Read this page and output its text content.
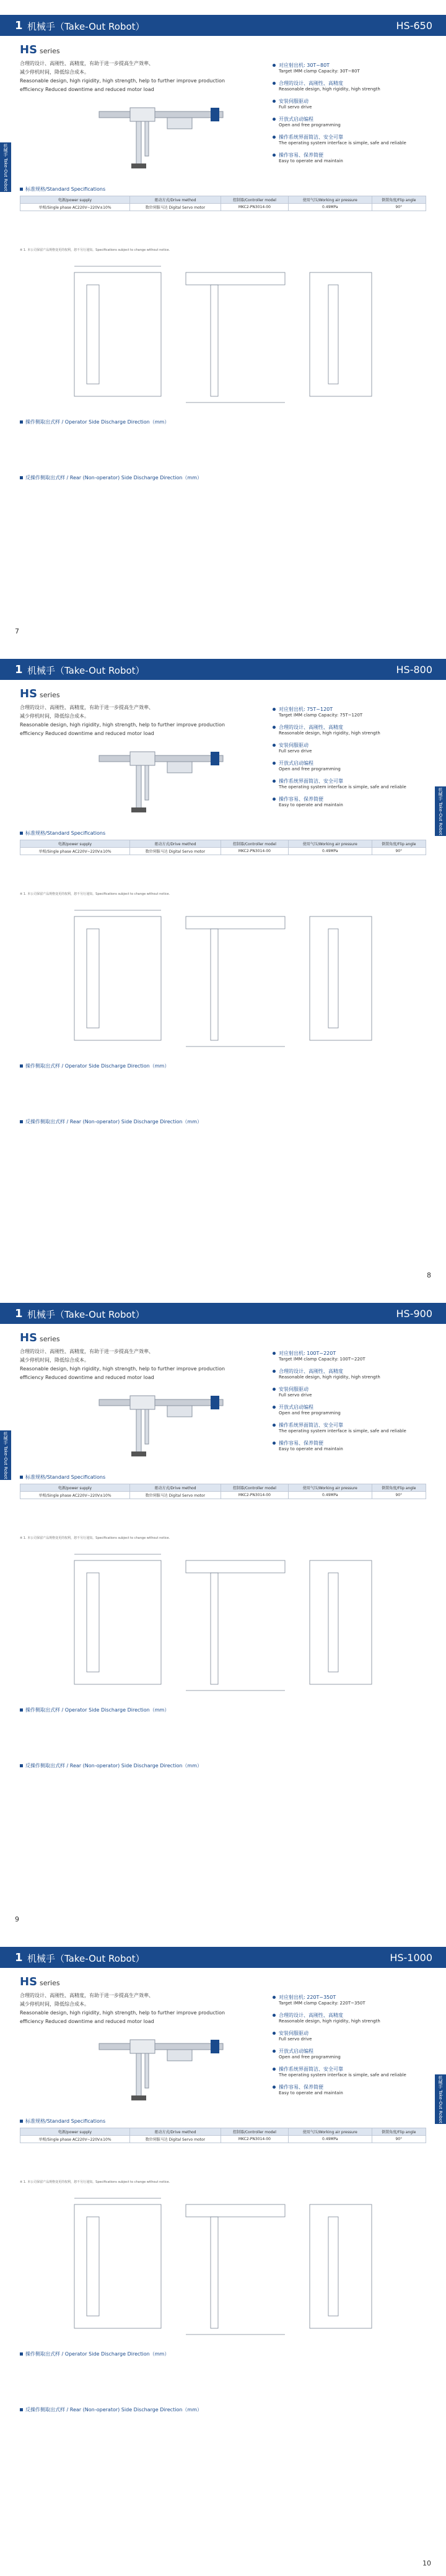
1 机械手（Take-Out Robot）	HS-650
HS series
合理的设计、高刚性、高精度，有助于进一步提高生产效率、
减少停机时间，降低综合成本。
Reasonable design, high rigidity, high strength, help to further improve production efficiency Reduced downtime and reduced motor load
机械手 Take-Out Robot
对应射出机: 30T~80T
Target IMM clamp Capacity: 30T~80T
合理的设计、高刚性、高精度
Reasonable design, high rigidity, high strength
安装伺服驱动
Full servo drive
开放式启动编程
Open and free programming
操作系统界面简洁、安全可靠
The operating system interface is simple, safe and reliable
操作容易、保养简便
Easy to operate and maintain
标准规格/Standard Specifications
电源/power supply	驱动方式/Drive method	控制器/Controller model	使用气压/Working air pressure	倒置角度/Flip angle
单相/Single phase AC220V~220V±10%	数位伺服马达 Digital Servo motor	MKC2-PN3014-00	0.49MPa	90°
※ 1. 本公司保留产品规格变更的权利，恕不另行通知。Specifications subject to change without notice.
操作侧取出式样 / Operator Side Discharge Direction（mm）
反操作侧取出式样 / Rear (Non-operator) Side Discharge Direction（mm）
7
1 机械手（Take-Out Robot）	HS-800
HS series
合理的设计、高刚性、高精度，有助于进一步提高生产效率、
减少停机时间，降低综合成本。
Reasonable design, high rigidity, high strength, help to further improve production efficiency Reduced downtime and reduced motor load
机械手 Take-Out Robot
对应射出机: 75T~120T
Target IMM clamp Capacity: 75T~120T
合理的设计、高刚性、高精度
Reasonable design, high rigidity, high strength
安装伺服驱动
Full servo drive
开放式启动编程
Open and free programming
操作系统界面简洁、安全可靠
The operating system interface is simple, safe and reliable
操作容易、保养简便
Easy to operate and maintain
标准规格/Standard Specifications
电源/power supply	驱动方式/Drive method	控制器/Controller model	使用气压/Working air pressure	倒置角度/Flip angle
单相/Single phase AC220V~220V±10%	数位伺服马达 Digital Servo motor	MKC2-PN3014-00	0.49MPa	90°
※ 1. 本公司保留产品规格变更的权利，恕不另行通知。Specifications subject to change without notice.
操作侧取出式样 / Operator Side Discharge Direction（mm）
反操作侧取出式样 / Rear (Non-operator) Side Discharge Direction（mm）
8
1 机械手（Take-Out Robot）	HS-900
HS series
合理的设计、高刚性、高精度，有助于进一步提高生产效率、
减少停机时间，降低综合成本。
Reasonable design, high rigidity, high strength, help to further improve production efficiency Reduced downtime and reduced motor load
机械手 Take-Out Robot
对应射出机: 100T~220T
Target IMM clamp Capacity: 100T~220T
合理的设计、高刚性、高精度
Reasonable design, high rigidity, high strength
安装伺服驱动
Full servo drive
开放式启动编程
Open and free programming
操作系统界面简洁、安全可靠
The operating system interface is simple, safe and reliable
操作容易、保养简便
Easy to operate and maintain
标准规格/Standard Specifications
电源/power supply	驱动方式/Drive method	控制器/Controller model	使用气压/Working air pressure	倒置角度/Flip angle
单相/Single phase AC220V~220V±10%	数位伺服马达 Digital Servo motor	MKC2-PN3014-00	0.49MPa	90°
※ 1. 本公司保留产品规格变更的权利，恕不另行通知。Specifications subject to change without notice.
操作侧取出式样 / Operator Side Discharge Direction（mm）
反操作侧取出式样 / Rear (Non-operator) Side Discharge Direction（mm）
9
1 机械手（Take-Out Robot）	HS-1000
HS series
合理的设计、高刚性、高精度，有助于进一步提高生产效率、
减少停机时间，降低综合成本。
Reasonable design, high rigidity, high strength, help to further improve production efficiency Reduced downtime and reduced motor load
机械手 Take-Out Robot
对应射出机: 220T~350T
Target IMM clamp Capacity: 220T~350T
合理的设计、高刚性、高精度
Reasonable design, high rigidity, high strength
安装伺服驱动
Full servo drive
开放式启动编程
Open and free programming
操作系统界面简洁、安全可靠
The operating system interface is simple, safe and reliable
操作容易、保养简便
Easy to operate and maintain
标准规格/Standard Specifications
电源/power supply	驱动方式/Drive method	控制器/Controller model	使用气压/Working air pressure	倒置角度/Flip angle
单相/Single phase AC220V~220V±10%	数位伺服马达 Digital Servo motor	MKC2-PN3014-00	0.49MPa	90°
※ 1. 本公司保留产品规格变更的权利，恕不另行通知。Specifications subject to change without notice.
操作侧取出式样 / Operator Side Discharge Direction（mm）
反操作侧取出式样 / Rear (Non-operator) Side Discharge Direction（mm）
10
